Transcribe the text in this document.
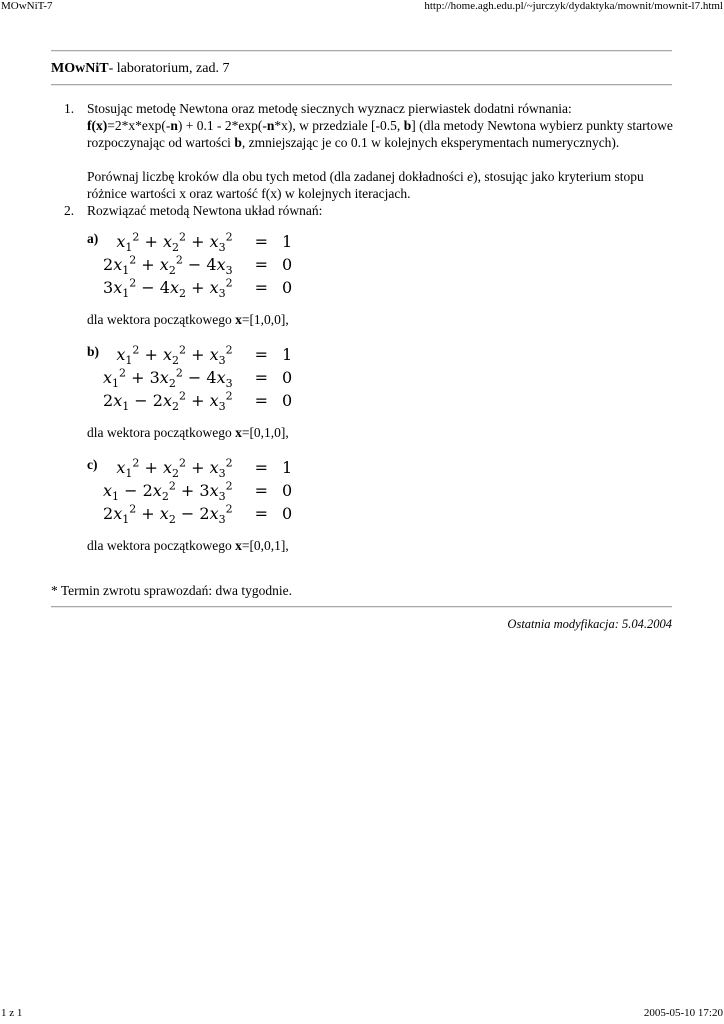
MOwNiT-7	http://home.agh.edu.pl/~jurczyk/dydaktyka/mownit/mownit-l7.html
MOwNiT- laboratorium, zad. 7
1. Stosując metodę Newtona oraz metodę siecznych wyznacz pierwiastek dodatni równania:
f(x)=2*x*exp(-n) + 0.1 - 2*exp(-n*x), w przedziale [-0.5, b] (dla metody Newtona wybierz punkty startowe rozpoczynając od wartości b, zmniejszając je co 0.1 w kolejnych eksperymentach numerycznych).

Porównaj liczbę kroków dla obu tych metod (dla zadanej dokładności e), stosując jako kryterium stopu różnice wartości x oraz wartość f(x) w kolejnych iteracjach.

2. Rozwiązać metodą Newtona układ równań:

a) $x_1^2 + x_2^2 + x_3^2$	=	1
$2x_1^2 + x_2^2 - 4x_3$	=	0
$3x_1^2 - 4x_2 + x_3^2$	=	0

dla wektora początkowego x=[1,0,0],

b) $x_1^2 + x_2^2 + x_3^2$	=	1
$x_1^2 + 3x_2^2 - 4x_3$	=	0
$2x_1 - 2x_2^2 + x_3^2$	=	0

dla wektora początkowego x=[0,1,0],

c) $x_1^2 + x_2^2 + x_3^2$	=	1
$x_1 - 2x_2^2 + 3x_3^2$	=	0
$2x_1^2 + x_2 - 2x_3^2$	=	0

dla wektora początkowego x=[0,0,1],

* Termin zwrotu sprawozdań: dwa tygodnie.
Ostatnia modyfikacja: 5.04.2004
1 z 1	2005-05-10 17:20
